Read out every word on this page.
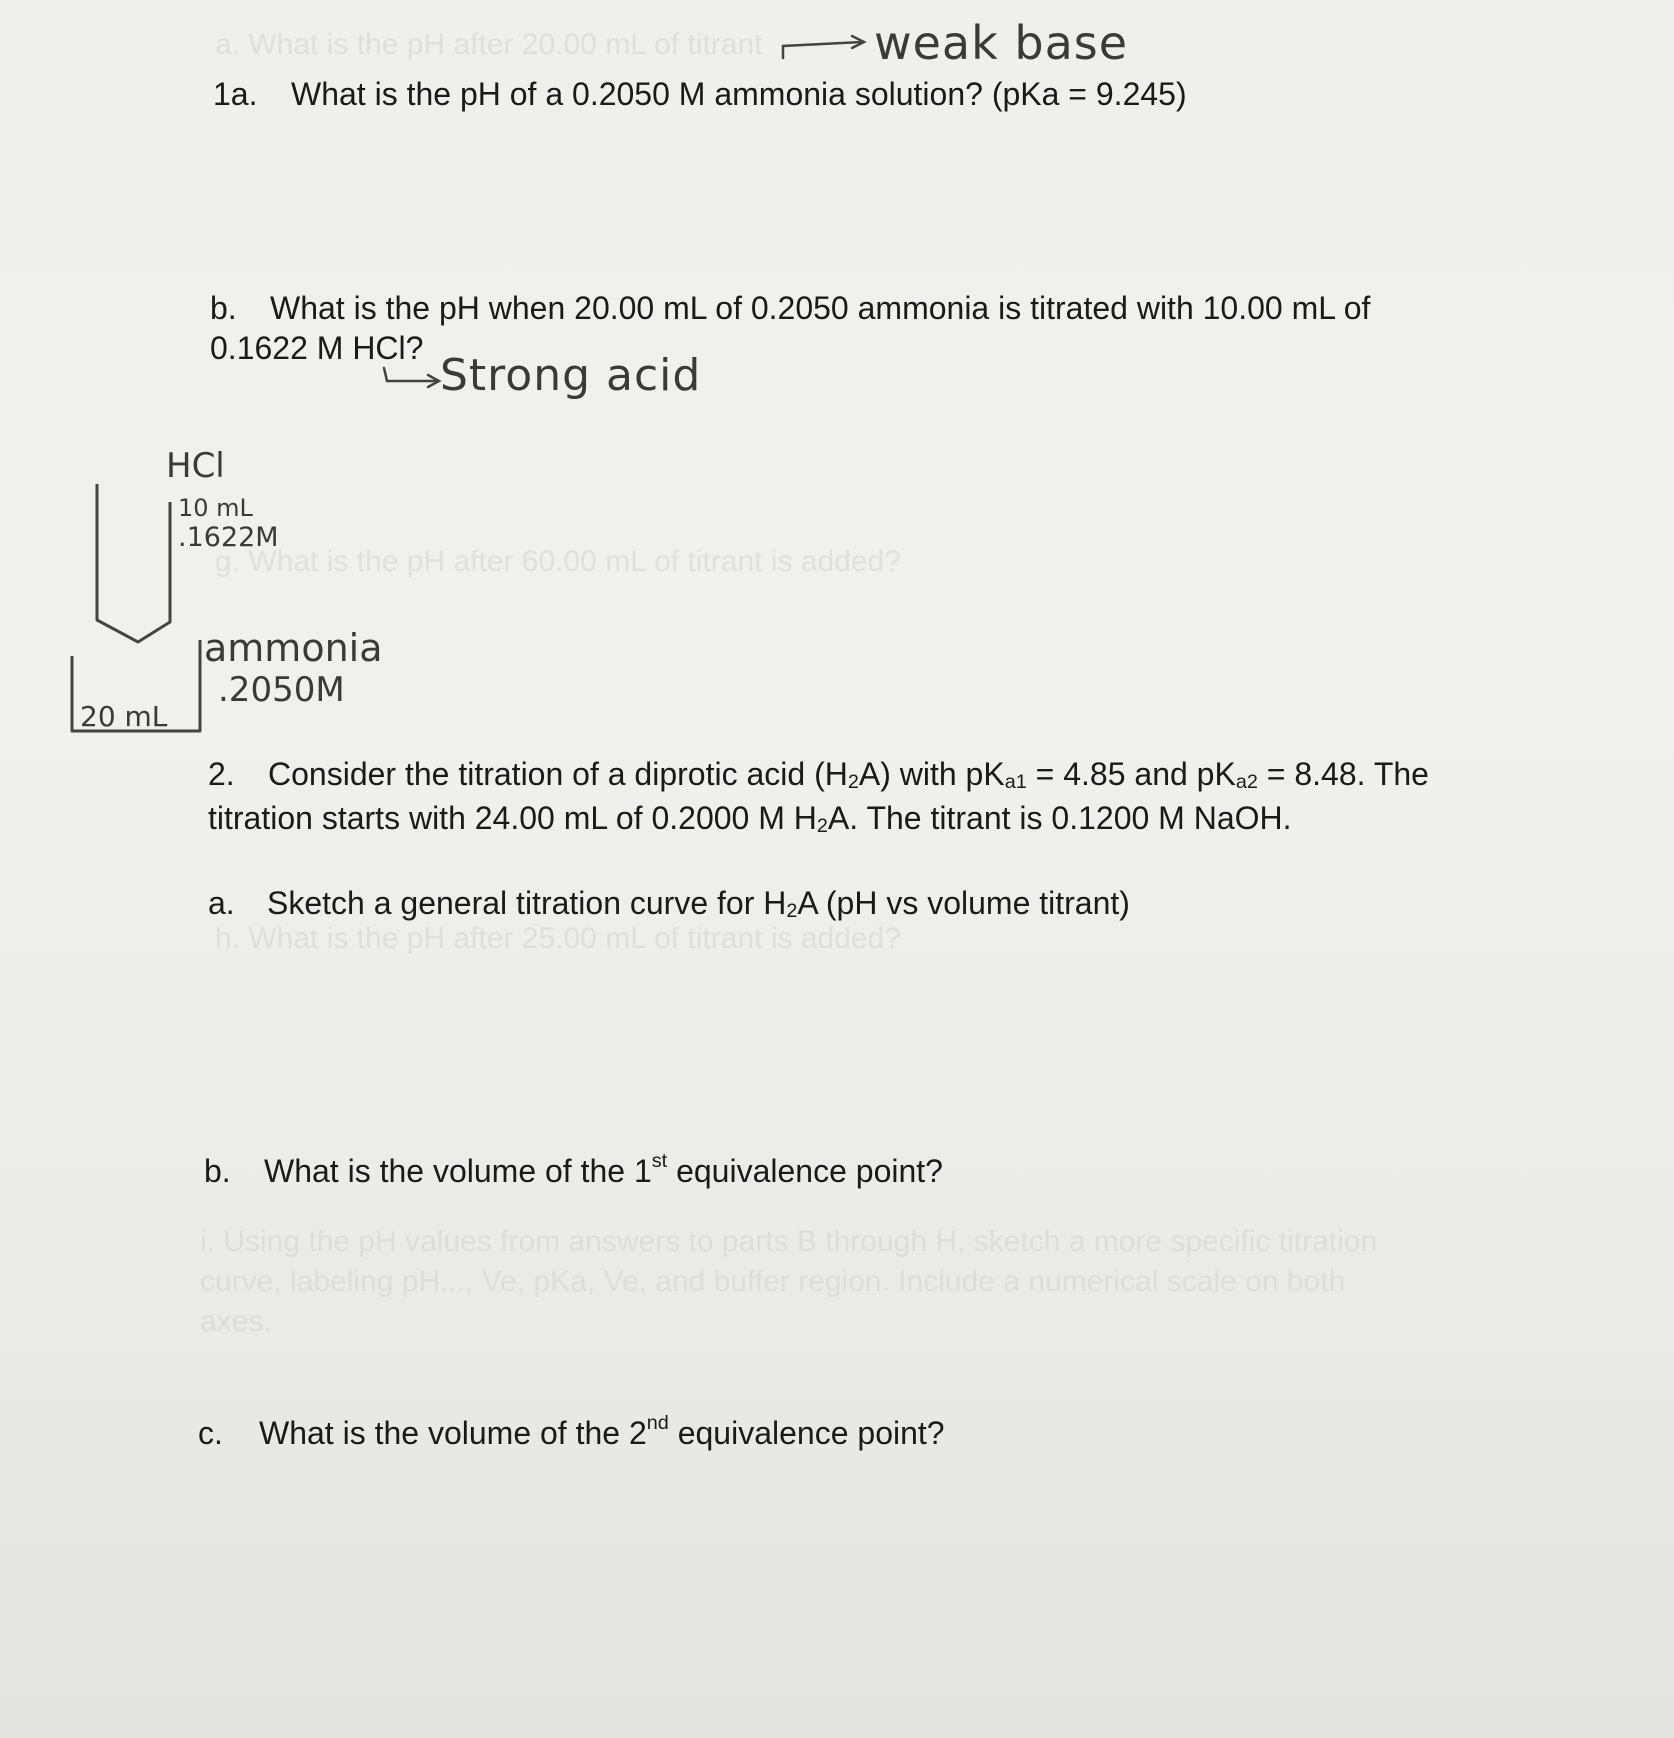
a. What is the pH after 20.00 mL of titrant
g. What is the pH after 60.00 mL of titrant is added?
h. What is the pH after 25.00 mL of titrant is added?
i. Using the pH values from answers to parts B through H, sketch a more specific titration
curve, labeling pH..., Ve, pKa, Ve, and buffer region. Include a numerical scale on both
axes.
1a. What is the pH of a 0.2050 M ammonia solution? (pKa = 9.245)
b. What is the pH when 20.00 mL of 0.2050 ammonia is titrated with 10.00 mL of
0.1622 M HCl?
2. Consider the titration of a diprotic acid $(H_2A)$ with $pK_{a1} = 4.85$ and $pK_{a2} = 8.48$. The
titration starts with 24.00 mL of 0.2000 M $H_2A$. The titrant is 0.1200 M NaOH.
a. Sketch a general titration curve for $H_2A$ (pH vs volume titrant)
b. What is the volume of the 1st equivalence point?
c. What is the volume of the 2nd equivalence point?
weak base
Strong acid
HCl
10 mL
.1622M
ammonia
.2050M
20 mL
